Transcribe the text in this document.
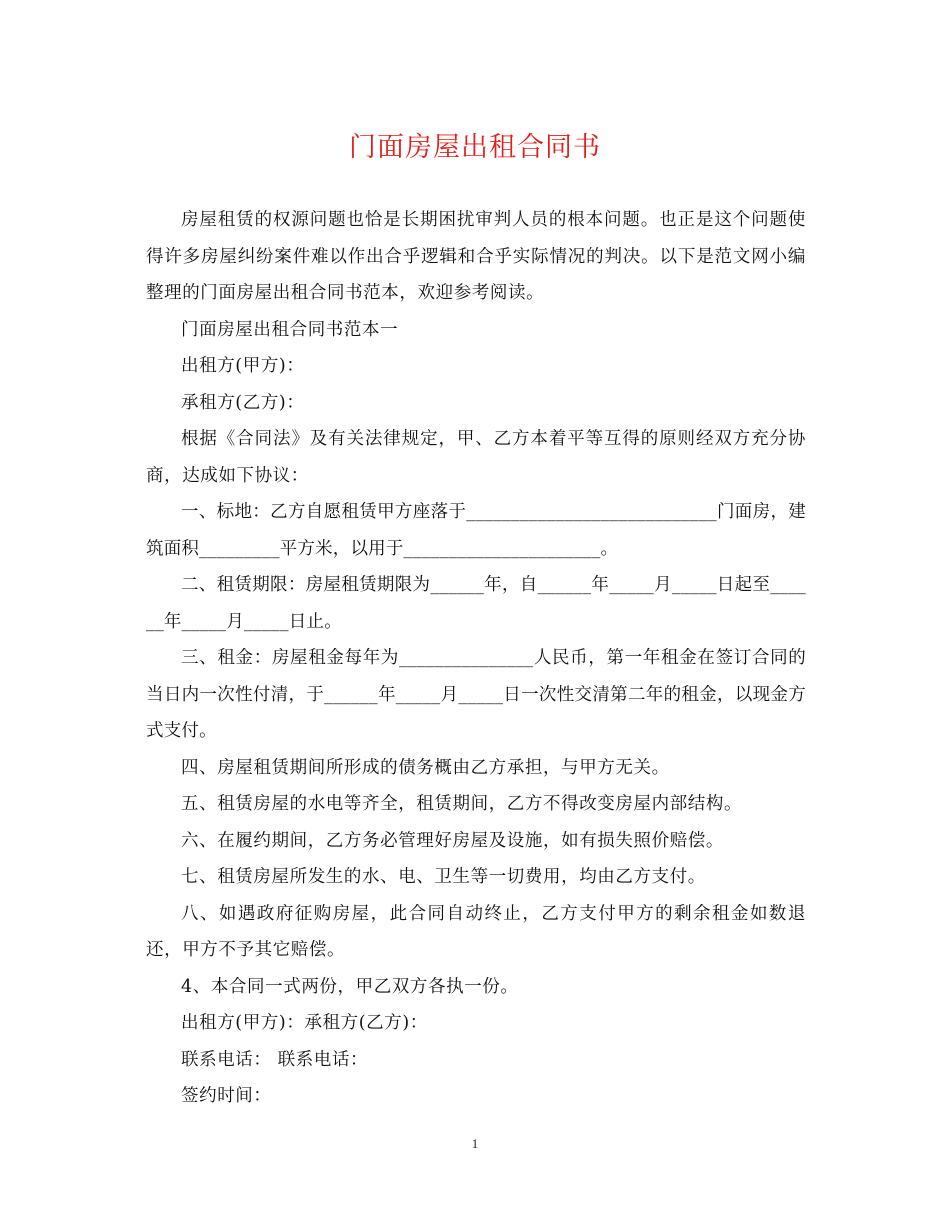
门面房屋出租合同书

房屋租赁的权源问题也恰是长期困扰审判人员的根本问题。也正是这个问题使得许多房屋纠纷案件难以作出合乎逻辑和合乎实际情况的判决。以下是范文网小编整理的门面房屋出租合同书范本，欢迎参考阅读。

门面房屋出租合同书范本一

出租方(甲方)：

承租方(乙方)：

根据《合同法》及有关法律规定，甲、乙方本着平等互得的原则经双方充分协商，达成如下协议：

一、标地：乙方自愿租赁甲方座落于____________________________门面房，建筑面积_________平方米，以用于______________________。

二、租赁期限：房屋租赁期限为______年，自______年_____月_____日起至______年_____月_____日止。

三、租金：房屋租金每年为_______________人民币，第一年租金在签订合同的当日内一次性付清，于______年_____月_____日一次性交清第二年的租金，以现金方式支付。

四、房屋租赁期间所形成的债务概由乙方承担，与甲方无关。

五、租赁房屋的水电等齐全，租赁期间，乙方不得改变房屋内部结构。

六、在履约期间，乙方务必管理好房屋及设施，如有损失照价赔偿。

七、租赁房屋所发生的水、电、卫生等一切费用，均由乙方支付。

八、如遇政府征购房屋，此合同自动终止，乙方支付甲方的剩余租金如数退还，甲方不予其它赔偿。

4、本合同一式两份，甲乙双方各执一份。

出租方(甲方)：承租方(乙方)：

联系电话： 联系电话：

签约时间：

1
